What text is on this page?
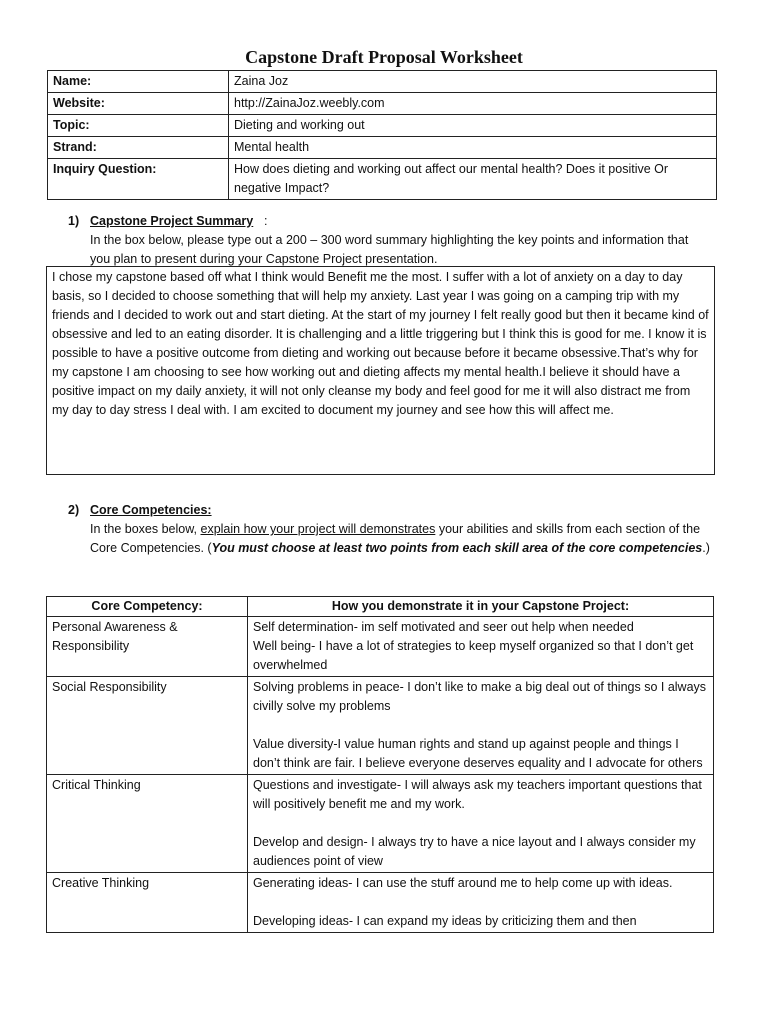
Capstone Draft Proposal Worksheet
Name:	Zaina Joz
Website:	http://ZainaJoz.weebly.com
Topic:	Dieting and working out
Strand:	Mental health
Inquiry Question:	How does dieting and working out affect our mental health? Does it positive Or negative Impact?
1) Capstone Project Summary :
In the box below, please type out a 200 – 300 word summary highlighting the key points and information that you plan to present during your Capstone Project presentation.
I chose my capstone based off what I think would Benefit me the most. I suffer with a lot of anxiety on a day to day basis, so I decided to choose something that will help my anxiety. Last year I was going on a camping trip with my friends and I decided to work out and start dieting. At the start of my journey I felt really good but then it became kind of obsessive and led to an eating disorder. It is challenging and a little triggering but I think this is good for me. I know it is possible to have a positive outcome from dieting and working out because before it became obsessive.That’s why for my capstone I am choosing to see how working out and dieting affects my mental health.I believe it should have a positive impact on my daily anxiety, it will not only cleanse my body and feel good for me it will also distract me from my day to day stress I deal with. I am excited to document my journey and see how this will affect me.
2) Core Competencies:
In the boxes below, explain how your project will demonstrates your abilities and skills from each section of the Core Competencies. (You must choose at least two points from each skill area of the core competencies.)
Core Competency:	How you demonstrate it in your Capstone Project:
Personal Awareness & Responsibility	Self determination- im self motivated and seer out help when needed
Well being- I have a lot of strategies to keep myself organized so that I don’t get overwhelmed

Social Responsibility	Solving problems in peace- I don’t like to make a big deal out of things so I always civilly solve my problems
Value diversity-I value human rights and stand up against people and things I don’t think are fair. I believe everyone deserves equality and I advocate for others

Critical Thinking	Questions and investigate- I will always ask my teachers important questions that will positively benefit me and my work.
Develop and design- I always try to have a nice layout and I always consider my audiences point of view

Creative Thinking	Generating ideas- I can use the stuff around me to help come up with ideas.
Developing ideas- I can expand my ideas by criticizing them and then
